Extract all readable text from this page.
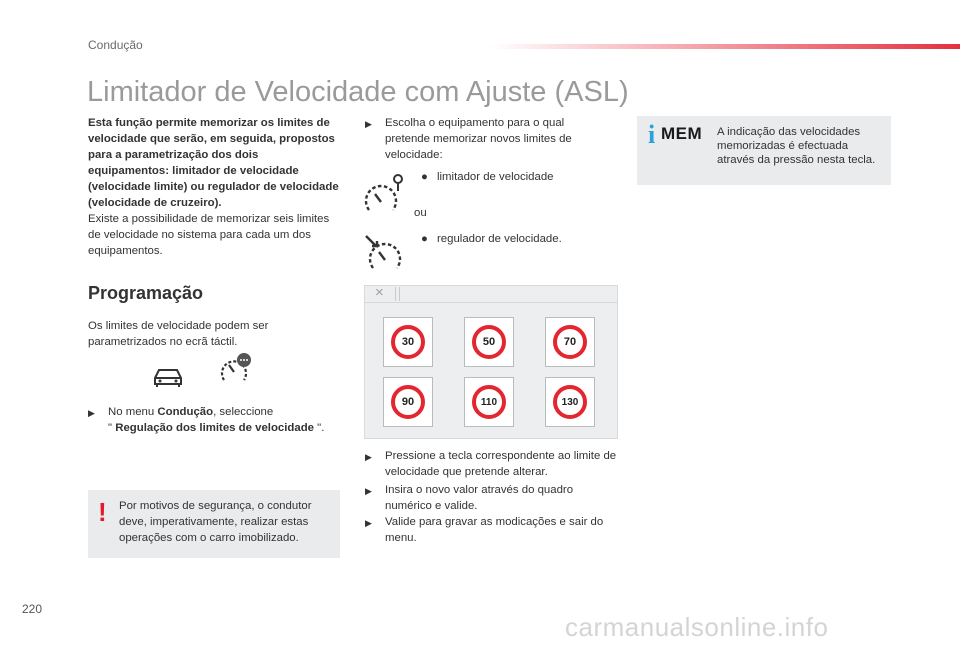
Condução
Limitador de Velocidade com Ajuste (ASL)
Esta função permite memorizar os limites de velocidade que serão, em seguida, propostos para a parametrização dos dois equipamentos: limitador de velocidade (velocidade limite) ou regulador de velocidade (velocidade de cruzeiro).
Existe a possibilidade de memorizar seis limites de velocidade no sistema para cada um dos equipamentos.
Programação
Os limites de velocidade podem ser parametrizados no ecrã táctil.
▶	No menu Condução, seleccione
" Regulação dos limites de velocidade ".
! Por motivos de segurança, o condutor deve, imperativamente, realizar estas operações com o carro imobilizado.
▶	Escolha o equipamento para o qual pretende memorizar novos limites de velocidade:
● limitador de velocidade
ou
● regulador de velocidade.
×
30	50	70
90	110	130
▶	Pressione a tecla correspondente ao limite de velocidade que pretende alterar.
▶	Insira o novo valor através do quadro numérico e valide.
▶	Valide para gravar as modicações e sair do menu.
i MEM A indicação das velocidades memorizadas é efectuada através da pressão nesta tecla.
220
carmanualsonline.info
